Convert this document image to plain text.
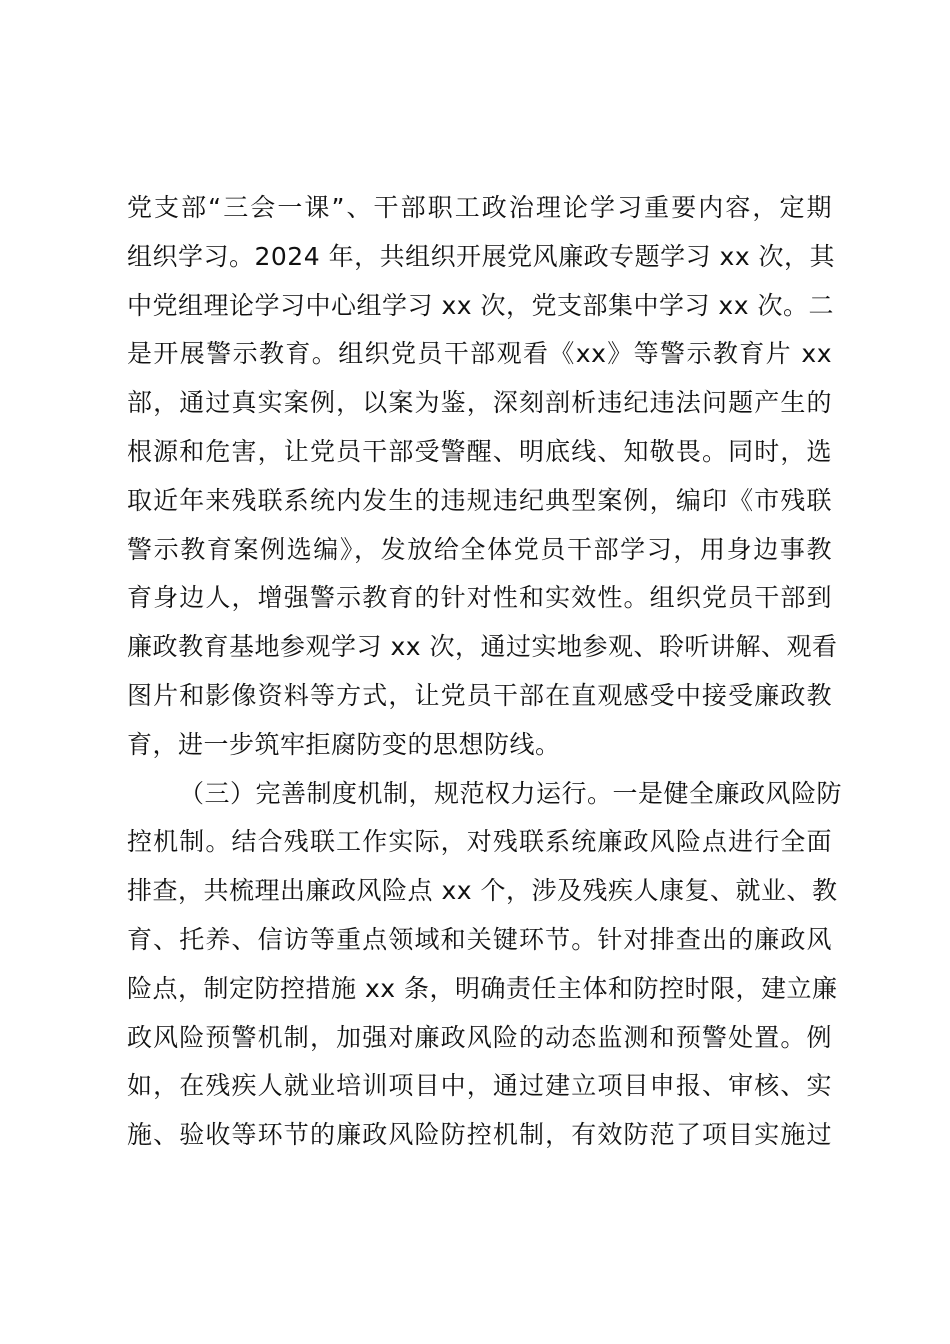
党支部“三会一课”、干部职工政治理论学习重要内容，定期
组织学习。2024 年，共组织开展党风廉政专题学习 xx 次，其
中党组理论学习中心组学习 xx 次，党支部集中学习 xx 次。二
是开展警示教育。组织党员干部观看《xx》等警示教育片 xx
部，通过真实案例，以案为鉴，深刻剖析违纪违法问题产生的
根源和危害，让党员干部受警醒、明底线、知敬畏。同时，选
取近年来残联系统内发生的违规违纪典型案例，编印《市残联
警示教育案例选编》，发放给全体党员干部学习，用身边事教
育身边人，增强警示教育的针对性和实效性。组织党员干部到
廉政教育基地参观学习 xx 次，通过实地参观、聆听讲解、观看
图片和影像资料等方式，让党员干部在直观感受中接受廉政教
育，进一步筑牢拒腐防变的思想防线。
（三）完善制度机制，规范权力运行。一是健全廉政风险防
控机制。结合残联工作实际，对残联系统廉政风险点进行全面
排查，共梳理出廉政风险点 xx 个，涉及残疾人康复、就业、教
育、托养、信访等重点领域和关键环节。针对排查出的廉政风
险点，制定防控措施 xx 条，明确责任主体和防控时限，建立廉
政风险预警机制，加强对廉政风险的动态监测和预警处置。例
如，在残疾人就业培训项目中，通过建立项目申报、审核、实
施、验收等环节的廉政风险防控机制，有效防范了项目实施过
